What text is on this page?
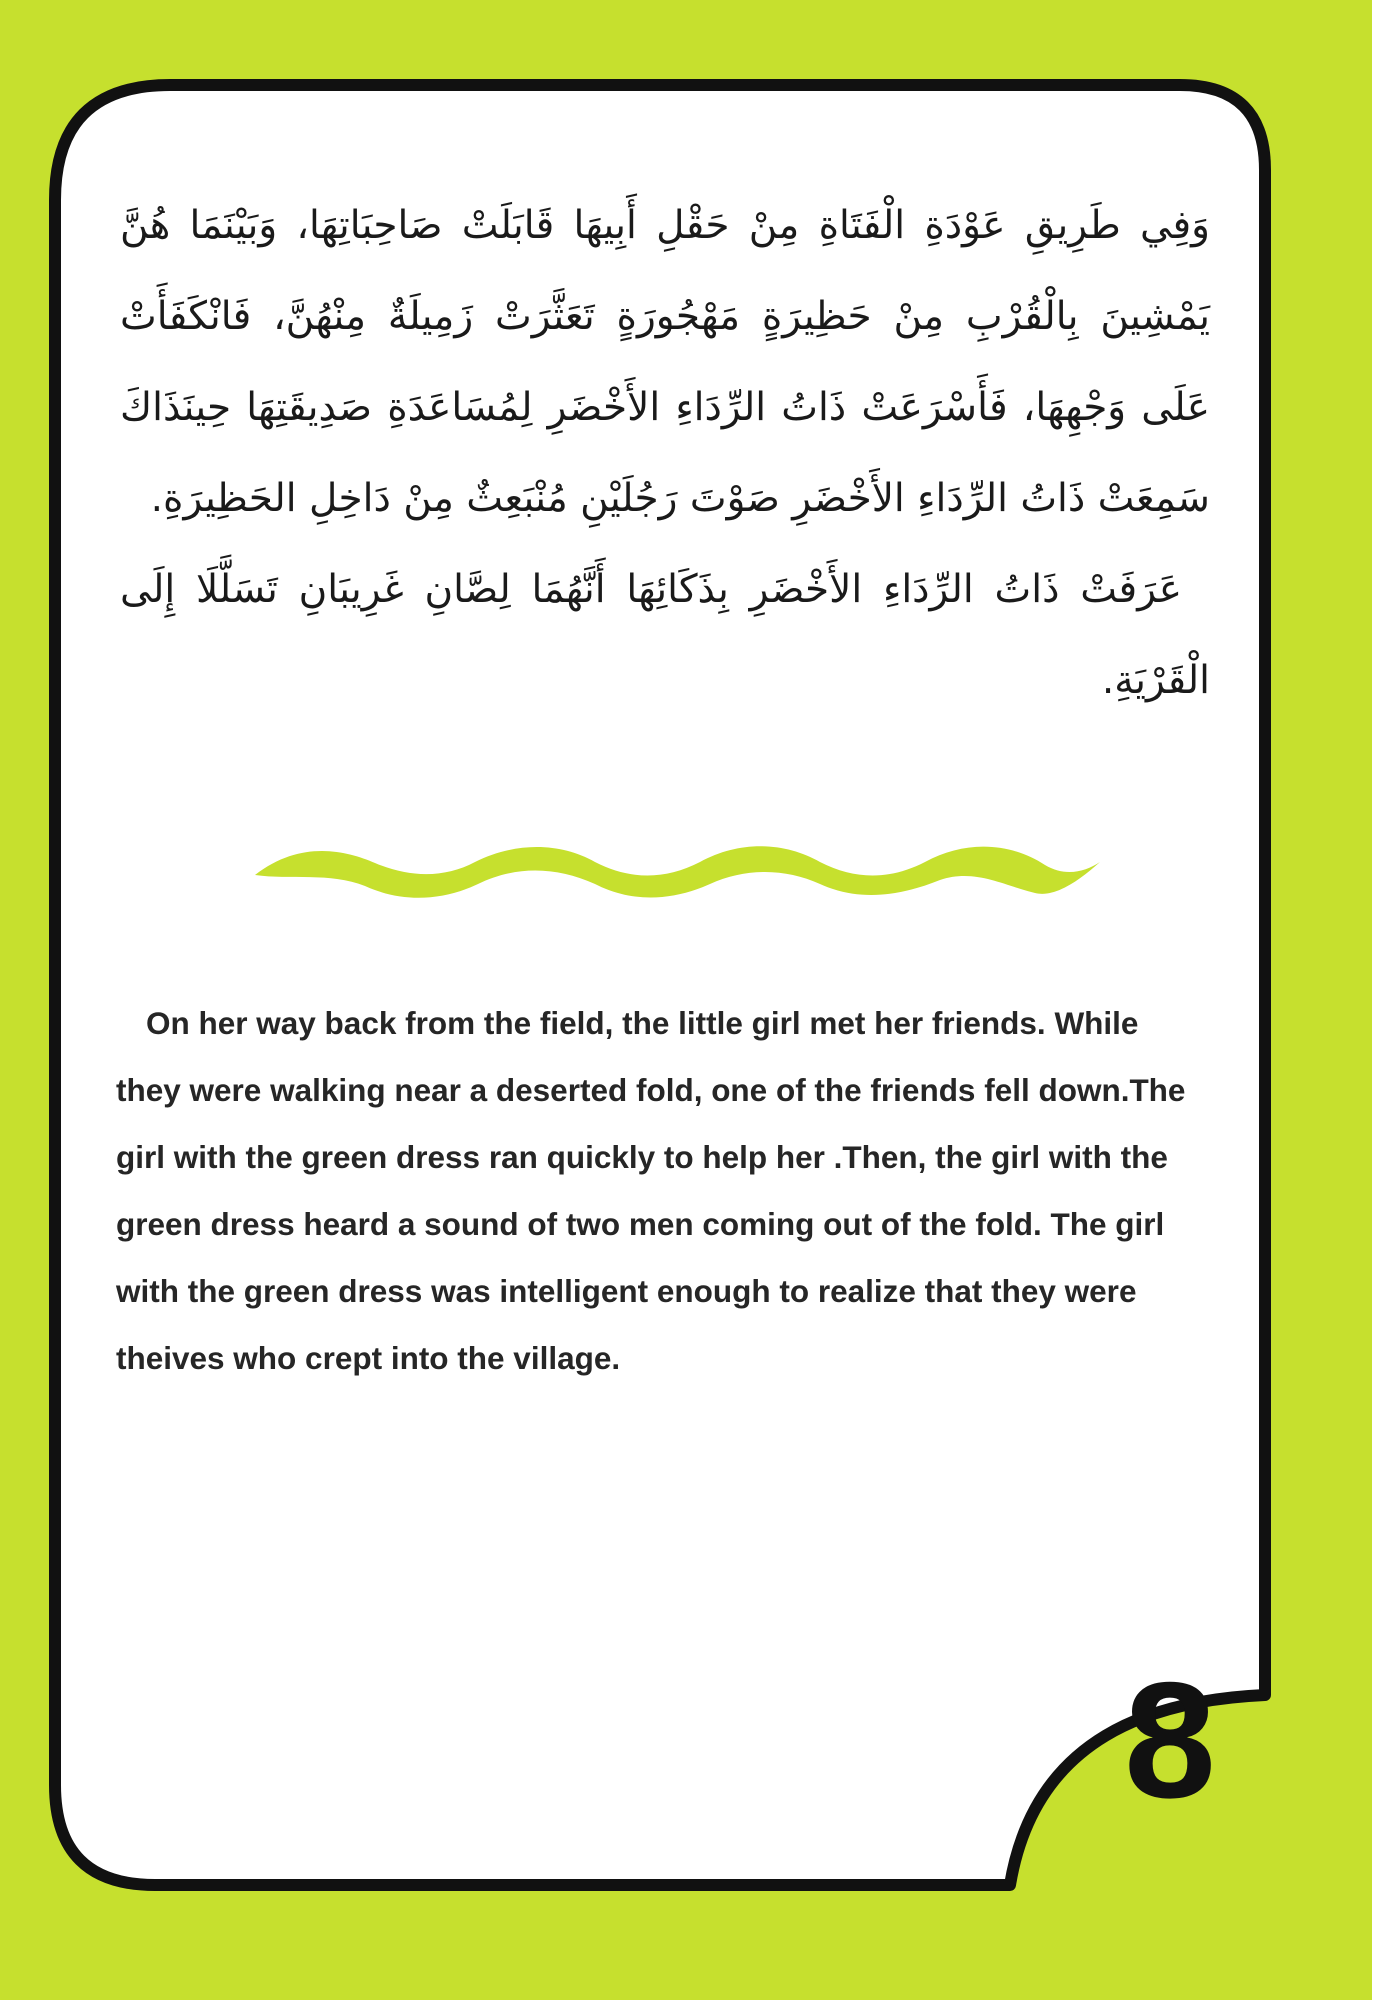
وَفِي طَرِيقِ عَوْدَةِ الْفَتَاةِ مِنْ حَقْلِ أَبِيهَا قَابَلَتْ صَاحِبَاتِهَا، وَبَيْنَمَا هُنَّ يَمْشِينَ بِالْقُرْبِ مِنْ حَظِيرَةٍ مَهْجُورَةٍ تَعَثَّرَتْ زَمِيلَةٌ مِنْهُنَّ، فَانْكَفَأَتْ عَلَى وَجْهِهَا، فَأَسْرَعَتْ ذَاتُ الرِّدَاءِ الأَخْضَرِ لِمُسَاعَدَةِ صَدِيقَتِهَا حِينَذَاكَ سَمِعَتْ ذَاتُ الرِّدَاءِ الأَخْضَرِ صَوْتَ رَجُلَيْنِ مُنْبَعِثٌ مِنْ دَاخِلِ الحَظِيرَةِ.

عَرَفَتْ ذَاتُ الرِّدَاءِ الأَخْضَرِ بِذَكَائِهَا أَنَّهُمَا لِصَّانِ غَرِيبَانِ تَسَلَّلَا إِلَى الْقَرْيَةِ.

On her way back from the field, the little girl met her friends. While they were walking near a deserted fold, one of the friends fell down.The girl with the green dress ran quickly to help her .Then, the girl with the green dress heard a sound of two men coming out of the fold. The girl with the green dress was intelligent enough to realize that they were theives who crept into the village.

8
